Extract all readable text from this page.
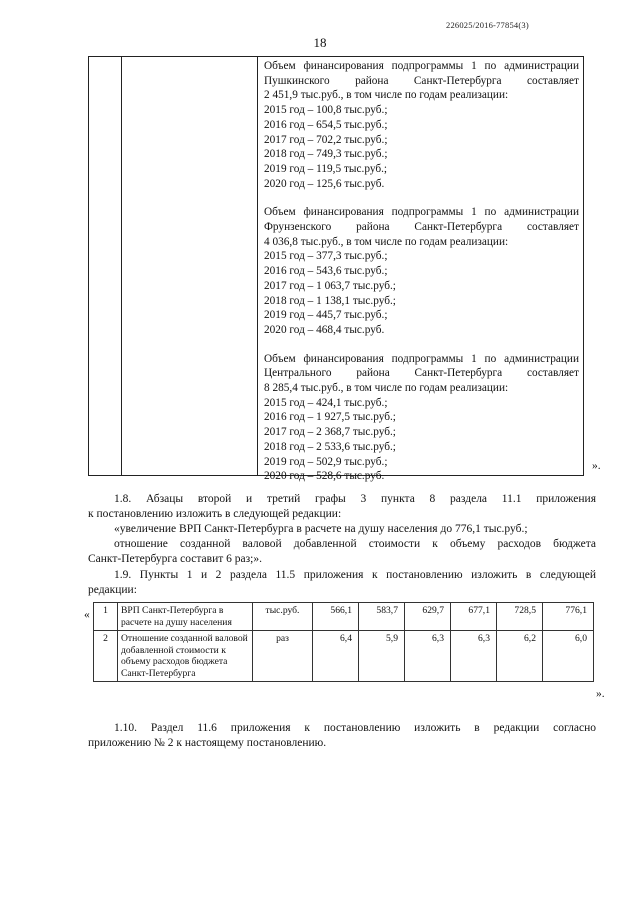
226025/2016-77854(3)
18

Объем финансирования подпрограммы 1 по администрации

Пушкинского района Санкт-Петербурга составляет

2 451,9 тыс.руб., в том числе по годам реализации:

2015 год – 100,8 тыс.руб.;

2016 год – 654,5 тыс.руб.;

2017 год – 702,2 тыс.руб.;

2018 год – 749,3 тыс.руб.;

2019 год – 119,5 тыс.руб.;

2020 год – 125,6 тыс.руб.

Объем финансирования подпрограммы 1 по администрации

Фрунзенского района Санкт-Петербурга составляет

4 036,8 тыс.руб., в том числе по годам реализации:

2015 год – 377,3 тыс.руб.;

2016 год – 543,6 тыс.руб.;

2017 год – 1 063,7 тыс.руб.;

2018 год – 1 138,1 тыс.руб.;

2019 год – 445,7 тыс.руб.;

2020 год – 468,4 тыс.руб.

Объем финансирования подпрограммы 1 по администрации

Центрального района Санкт-Петербурга составляет

8 285,4 тыс.руб., в том числе по годам реализации:

2015 год – 424,1 тыс.руб.;

2016 год – 1 927,5 тыс.руб.;

2017 год – 2 368,7 тыс.руб.;

2018 год – 2 533,6 тыс.руб.;

2019 год – 502,9 тыс.руб.;

2020 год – 528,6 тыс.руб.

».
1.8. Абзацы второй и третий графы 3 пункта 8 раздела 11.1 приложения
к постановлению изложить в следующей редакции:
«увеличение ВРП Санкт-Петербурга в расчете на душу населения до 776,1 тыс.руб.;
отношение созданной валовой добавленной стоимости к объему расходов бюджета
Санкт-Петербурга составит 6 раз;».
1.9. Пункты 1 и 2 раздела 11.5 приложения к постановлению изложить в следующей
редакции:
« 1	ВРП Санкт-Петербурга в расчете на душу населения	тыс.руб.	566,1	583,7	629,7	677,1	728,5	776,1
2	Отношение созданной валовой добавленной стоимости к объему расходов бюджета Санкт-Петербурга	раз	6,4	5,9	6,3	6,3	6,2	6,0
».
1.10. Раздел 11.6 приложения к постановлению изложить в редакции согласно
приложению № 2 к настоящему постановлению.
